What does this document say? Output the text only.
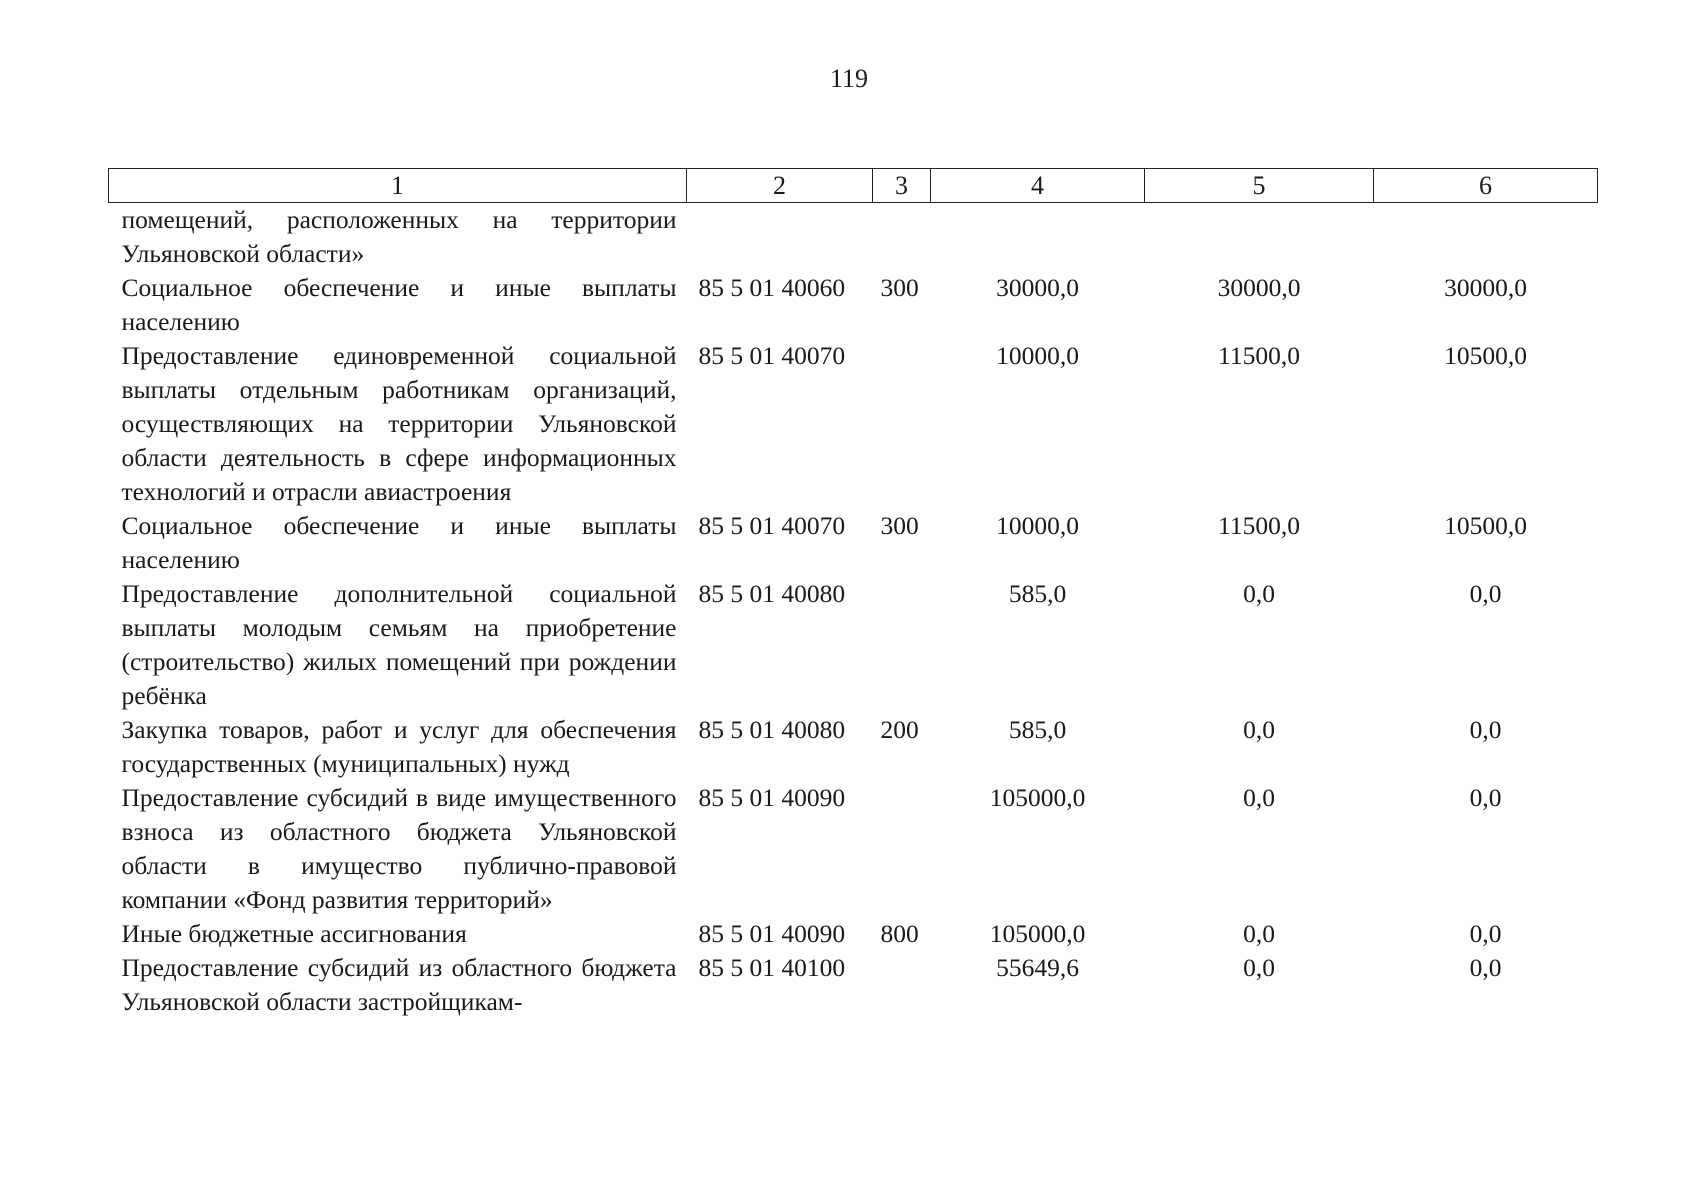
119
1	2	3	4	5	6
помещений, расположенных на территории Ульяновской области»					
Социальное обеспечение и иные выплаты населению	85 5 01 40060	300	30000,0	30000,0	30000,0
Предоставление единовременной социальной выплаты отдельным работникам организаций, осуществляющих на территории Ульяновской области деятельность в сфере информационных технологий и отрасли авиастроения	85 5 01 40070		10000,0	11500,0	10500,0
Социальное обеспечение и иные выплаты населению	85 5 01 40070	300	10000,0	11500,0	10500,0
Предоставление дополнительной социальной выплаты молодым семьям на приобретение (строительство) жилых помещений при рождении ребёнка	85 5 01 40080		585,0	0,0	0,0
Закупка товаров, работ и услуг для обеспечения государственных (муниципальных) нужд	85 5 01 40080	200	585,0	0,0	0,0
Предоставление субсидий в виде имущественного взноса из областного бюджета Ульяновской области в имущество публично-правовой компании «Фонд развития территорий»	85 5 01 40090		105000,0	0,0	0,0
Иные бюджетные ассигнования	85 5 01 40090	800	105000,0	0,0	0,0
Предоставление субсидий из областного бюджета Ульяновской области застройщикам-	85 5 01 40100		55649,6	0,0	0,0
